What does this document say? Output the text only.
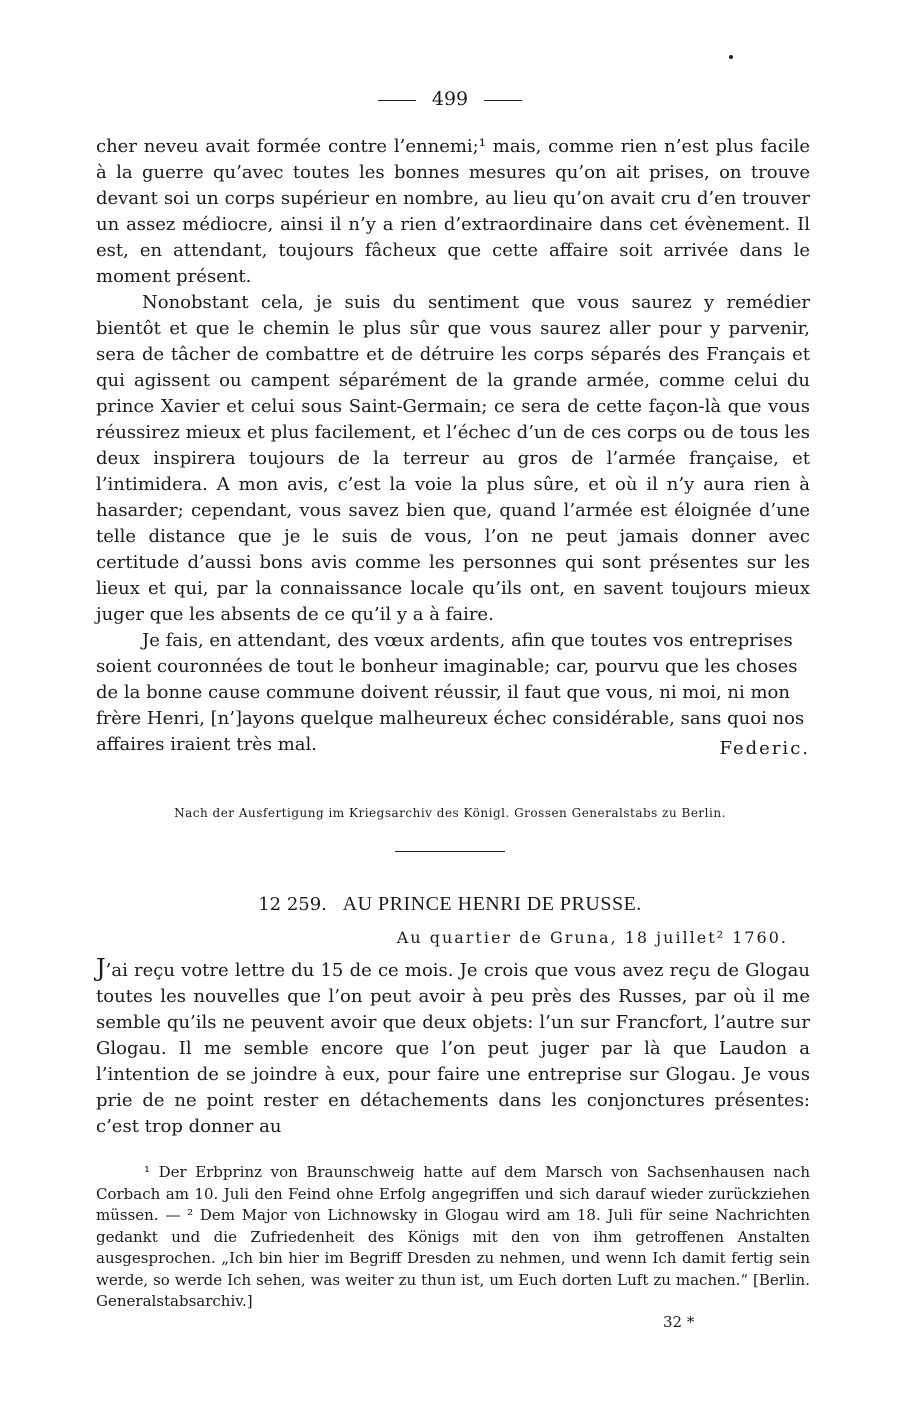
499

cher neveu avait formée contre l’ennemi;¹ mais, comme rien n’est plus facile à la guerre qu’avec toutes les bonnes mesures qu’on ait prises, on trouve devant soi un corps supérieur en nombre, au lieu qu’on avait cru d’en trouver un assez médiocre, ainsi il n’y a rien d’extraordinaire dans cet évènement. Il est, en attendant, toujours fâcheux que cette affaire soit arrivée dans le moment présent.

Nonobstant cela, je suis du sentiment que vous saurez y remédier bientôt et que le chemin le plus sûr que vous saurez aller pour y parvenir, sera de tâcher de combattre et de détruire les corps séparés des Français et qui agissent ou campent séparément de la grande armée, comme celui du prince Xavier et celui sous Saint-Germain; ce sera de cette façon-là que vous réussirez mieux et plus facilement, et l’échec d’un de ces corps ou de tous les deux inspirera toujours de la terreur au gros de l’armée française, et l’intimidera. A mon avis, c’est la voie la plus sûre, et où il n’y aura rien à hasarder; cependant, vous savez bien que, quand l’armée est éloignée d’une telle distance que je le suis de vous, l’on ne peut jamais donner avec certitude d’aussi bons avis comme les personnes qui sont présentes sur les lieux et qui, par la connaissance locale qu’ils ont, en savent toujours mieux juger que les absents de ce qu’il y a à faire.

Je fais, en attendant, des vœux ardents, afin que toutes vos entreprises soient couronnées de tout le bonheur imaginable; car, pourvu que les choses de la bonne cause commune doivent réussir, il faut que vous, ni moi, ni mon frère Henri, [n’]ayons quelque malheureux échec considérable, sans quoi nos affaires iraient très mal.	Federic.

Nach der Ausfertigung im Kriegsarchiv des Königl. Grossen Generalstabs zu Berlin.
12 259. AU PRINCE HENRI DE PRUSSE.
Au quartier de Gruna, 18 juillet² 1760.

J’ai reçu votre lettre du 15 de ce mois. Je crois que vous avez reçu de Glogau toutes les nouvelles que l’on peut avoir à peu près des Russes, par où il me semble qu’ils ne peuvent avoir que deux objets: l’un sur Francfort, l’autre sur Glogau. Il me semble encore que l’on peut juger par là que Laudon a l’intention de se joindre à eux, pour faire une entreprise sur Glogau. Je vous prie de ne point rester en détachements dans les conjonctures présentes: c’est trop donner au

¹ Der Erbprinz von Braunschweig hatte auf dem Marsch von Sachsenhausen nach Corbach am 10. Juli den Feind ohne Erfolg angegriffen und sich darauf wieder zurückziehen müssen. — ² Dem Major von Lichnowsky in Glogau wird am 18. Juli für seine Nachrichten gedankt und die Zufriedenheit des Königs mit den von ihm getroffenen Anstalten ausgesprochen. „Ich bin hier im Begriff Dresden zu nehmen, und wenn Ich damit fertig sein werde, so werde Ich sehen, was weiter zu thun ist, um Euch dorten Luft zu machen.“ [Berlin. Generalstabsarchiv.]

32 *
